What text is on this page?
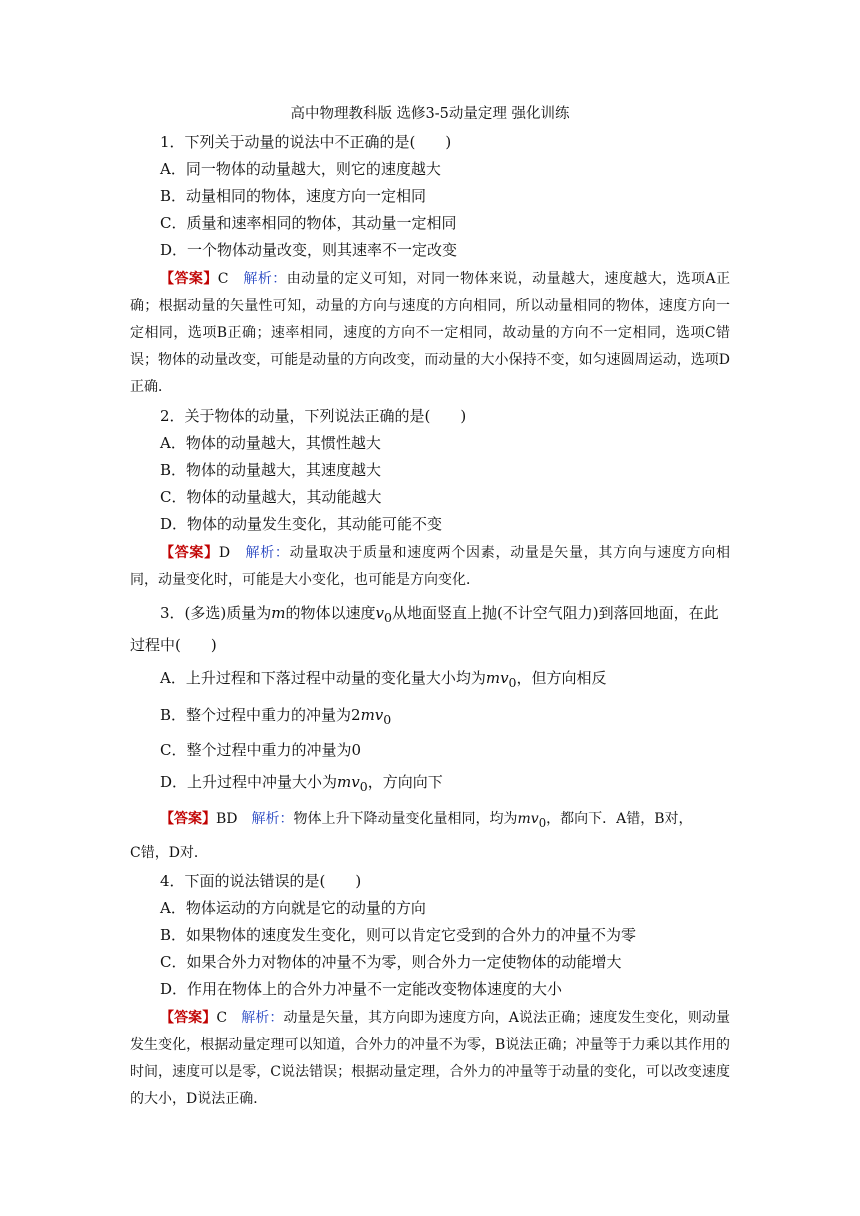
高中物理教科版 选修3-5动量定理 强化训练
1．下列关于动量的说法中不正确的是(　　)
A．同一物体的动量越大，则它的速度越大
B．动量相同的物体，速度方向一定相同
C．质量和速率相同的物体，其动量一定相同
D．一个物体动量改变，则其速率不一定改变
【答案】C　 解析：由动量的定义可知，对同一物体来说，动量越大，速度越大，选项A正确；根据动量的矢量性可知，动量的方向与速度的方向相同，所以动量相同的物体，速度方向一定相同，选项B正确；速率相同，速度的方向不一定相同，故动量的方向不一定相同，选项C错误；物体的动量改变，可能是动量的方向改变，而动量的大小保持不变，如匀速圆周运动，选项D正确．
2．关于物体的动量，下列说法正确的是(　　)
A．物体的动量越大，其惯性越大
B．物体的动量越大，其速度越大
C．物体的动量越大，其动能越大
D．物体的动量发生变化，其动能可能不变
【答案】D　 解析：动量取决于质量和速度两个因素，动量是矢量，其方向与速度方向相同，动量变化时，可能是大小变化，也可能是方向变化．
3．(多选)质量为m的物体以速度$v_0$从地面竖直上抛(不计空气阻力)到落回地面，在此
过程中(　　)
A．上升过程和下落过程中动量的变化量大小均为$mv_0$，但方向相反
B．整个过程中重力的冲量为$2mv_0$
C．整个过程中重力的冲量为0
D．上升过程中冲量大小为$mv_0$，方向向下
【答案】BD　 解析：物体上升下降动量变化量相同，均为$mv_0$，都向下．A错，B对，
C错，D对．
4．下面的说法错误的是(　　)
A．物体运动的方向就是它的动量的方向
B．如果物体的速度发生变化，则可以肯定它受到的合外力的冲量不为零
C．如果合外力对物体的冲量不为零，则合外力一定使物体的动能增大
D．作用在物体上的合外力冲量不一定能改变物体速度的大小
【答案】C　 解析：动量是矢量，其方向即为速度方向，A说法正确；速度发生变化，则动量发生变化，根据动量定理可以知道，合外力的冲量不为零，B说法正确；冲量等于力乘以其作用的时间，速度可以是零，C说法错误；根据动量定理，合外力的冲量等于动量的变化，可以改变速度的大小，D说法正确．
